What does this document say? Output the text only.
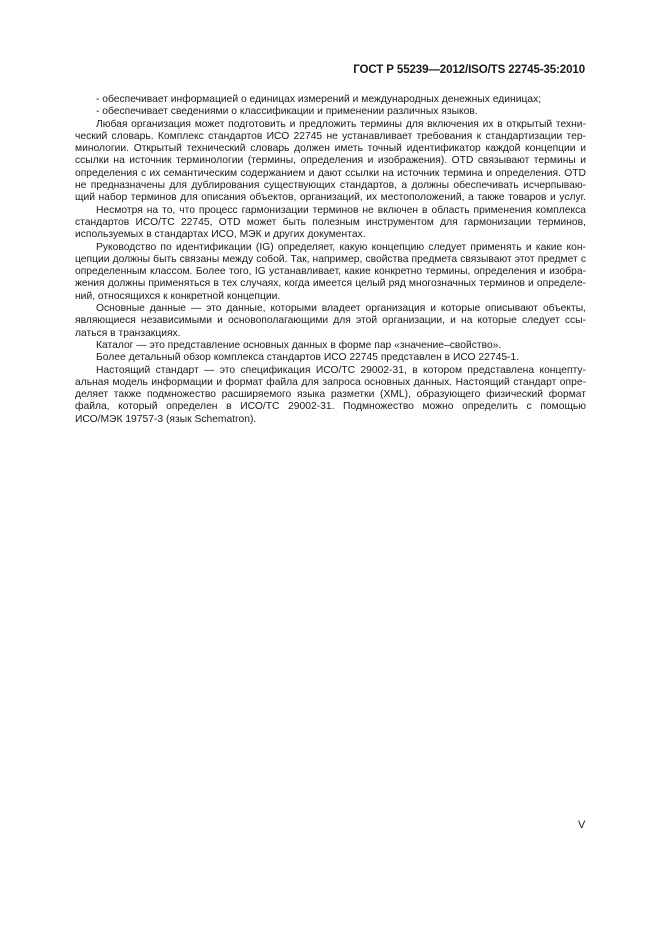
ГОСТ Р 55239—2012/ISO/TS 22745-35:2010
- обеспечивает информацией о единицах измерений и международных денежных единицах;
- обеспечивает сведениями о классификации и применении различных языков.
Любая организация может подготовить и предложить термины для включения их в открытый техни-
ческий словарь. Комплекс стандартов ИСО 22745 не устанавливает требования к стандартизации тер-
минологии. Открытый технический словарь должен иметь точный идентификатор каждой концепции и
ссылки на источник терминологии (термины, определения и изображения). OTD связывают термины и
определения с их семантическим содержанием и дают ссылки на источник термина и определения. OTD
не предназначены для дублирования существующих стандартов, а должны обеспечивать исчерпываю-
щий набор терминов для описания объектов, организаций, их местоположений, а также товаров и услуг.
Несмотря на то, что процесс гармонизации терминов не включен в область применения комплекса
стандартов ИСО/ТС 22745, OTD может быть полезным инструментом для гармонизации терминов,
используемых в стандартах ИСО, МЭК и других документах.
Руководство по идентификации (IG) определяет, какую концепцию следует применять и какие кон-
цепции должны быть связаны между собой. Так, например, свойства предмета связывают этот предмет с
определенным классом. Более того, IG устанавливает, какие конкретно термины, определения и изобра-
жения должны применяться в тех случаях, когда имеется целый ряд многозначных терминов и определе-
ний, относящихся к конкретной концепции.
Основные данные — это данные, которыми владеет организация и которые описывают объекты,
являющиеся независимыми и основополагающими для этой организации, и на которые следует ссы-
латься в транзакциях.
Каталог — это представление основных данных в форме пар «значение–свойство».
Более детальный обзор комплекса стандартов ИСО 22745 представлен в ИСО 22745-1.
Настоящий стандарт — это спецификация ИСО/ТС 29002-31, в котором представлена концепту-
альная модель информации и формат файла для запроса основных данных. Настоящий стандарт опре-
деляет также подмножество расширяемого языка разметки (XML), образующего физический формат
файла, который определен в ИСО/ТС 29002-31. Подмножество можно определить с помощью
ИСО/МЭК 19757-3 (язык Schematron).
V
